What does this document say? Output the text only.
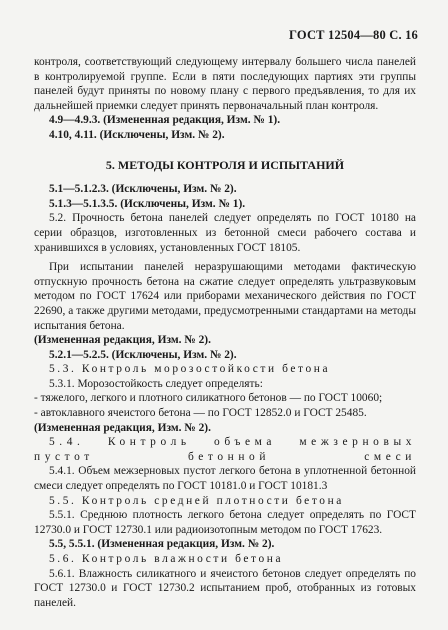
ГОСТ 12504—80 С. 16

контроля, соответствующий следующему интервалу большего числа панелей в контролируемой группе. Если в пяти последующих партиях эти группы панелей будут приняты по новому плану с первого предъявления, то для их дальнейшей приемки следует принять первоначальный план контроля.

4.9—4.9.3. (Измененная редакция, Изм. № 1).

4.10, 4.11. (Исключены, Изм. № 2).

5. МЕТОДЫ КОНТРОЛЯ И ИСПЫТАНИЙ

5.1—5.1.2.3. (Исключены, Изм. № 2).

5.1.3—5.1.3.5. (Исключены, Изм. № 1).

5.2. Прочность бетона панелей следует определять по ГОСТ 10180 на серии образцов, изготовленных из бетонной смеси рабочего состава и хранившихся в условиях, установленных ГОСТ 18105.

При испытании панелей неразрушающими методами фактическую отпускную прочность бетона на сжатие следует определять ультразвуковым методом по ГОСТ 17624 или приборами механического действия по ГОСТ 22690, а также другими методами, предусмотренными стандартами на методы испытания бетона.

(Измененная редакция, Изм. № 2).

5.2.1—5.2.5. (Исключены, Изм. № 2).

5.3. Контроль морозостойкости бетона

5.3.1. Морозостойкость следует определять:

- тяжелого, легкого и плотного силикатного бетонов — по ГОСТ 10060;

- автоклавного ячеистого бетона — по ГОСТ 12852.0 и ГОСТ 25485.

(Измененная редакция, Изм. № 2).

5.4. Контроль объема межзерновых пустот бетонной смеси

5.4.1. Объем межзерновых пустот легкого бетона в уплотненной бетонной смеси следует определять по ГОСТ 10181.0 и ГОСТ 10181.3

5.5. Контроль средней плотности бетона

5.5.1. Среднюю плотность легкого бетона следует определять по ГОСТ 12730.0 и ГОСТ 12730.1 или радиоизотопным методом по ГОСТ 17623.

5.5, 5.5.1. (Измененная редакция, Изм. № 2).

5.6. Контроль влажности бетона

5.6.1. Влажность силикатного и ячеистого бетонов следует определять по ГОСТ 12730.0 и ГОСТ 12730.2 испытанием проб, отобранных из готовых панелей.
